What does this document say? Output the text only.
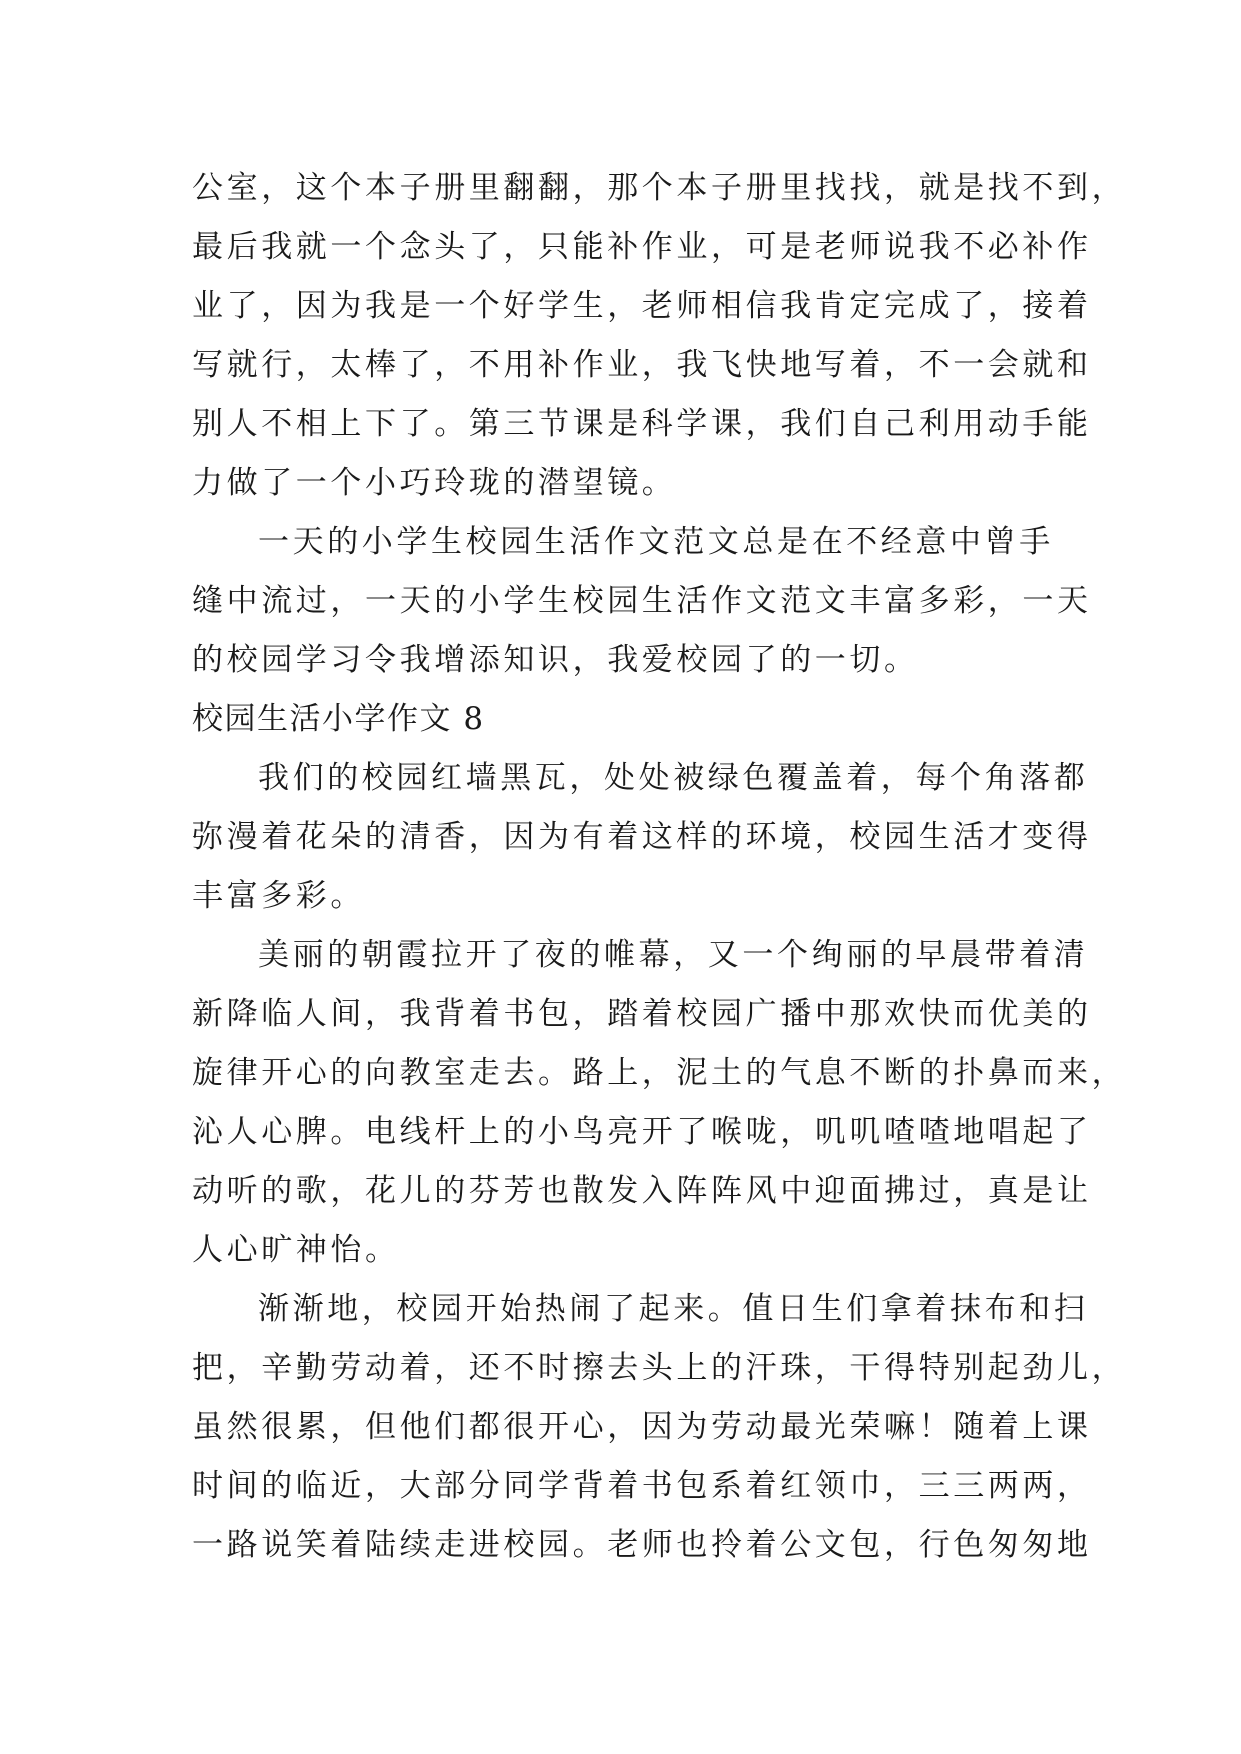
公室，这个本子册里翻翻，那个本子册里找找，就是找不到，
最后我就一个念头了，只能补作业，可是老师说我不必补作
业了，因为我是一个好学生，老师相信我肯定完成了，接着
写就行，太棒了，不用补作业，我飞快地写着，不一会就和
别人不相上下了。第三节课是科学课，我们自己利用动手能
力做了一个小巧玲珑的潜望镜。
一天的小学生校园生活作文范文总是在不经意中曾手
缝中流过，一天的小学生校园生活作文范文丰富多彩，一天
的校园学习令我增添知识，我爱校园了的一切。
校园生活小学作文 8
我们的校园红墙黑瓦，处处被绿色覆盖着，每个角落都
弥漫着花朵的清香，因为有着这样的环境，校园生活才变得
丰富多彩。
美丽的朝霞拉开了夜的帷幕，又一个绚丽的早晨带着清
新降临人间，我背着书包，踏着校园广播中那欢快而优美的
旋律开心的向教室走去。路上，泥土的气息不断的扑鼻而来，
沁人心脾。电线杆上的小鸟亮开了喉咙，叽叽喳喳地唱起了
动听的歌，花儿的芬芳也散发入阵阵风中迎面拂过，真是让
人心旷神怡。
渐渐地，校园开始热闹了起来。值日生们拿着抹布和扫
把，辛勤劳动着，还不时擦去头上的汗珠，干得特别起劲儿，
虽然很累，但他们都很开心，因为劳动最光荣嘛！随着上课
时间的临近，大部分同学背着书包系着红领巾，三三两两，
一路说笑着陆续走进校园。老师也拎着公文包，行色匆匆地
